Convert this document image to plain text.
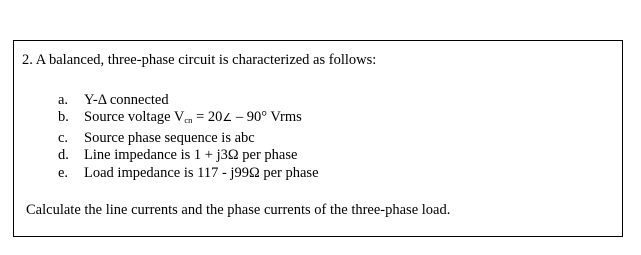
2. A balanced, three-phase circuit is characterized as follows:
a. Y-Δ connected
b. Source voltage $V_{cn}$ = 20∠ – 90° Vrms
c. Source phase sequence is abc
d. Line impedance is 1 + j3Ω per phase
e. Load impedance is 117 - j99Ω per phase
Calculate the line currents and the phase currents of the three-phase load.
